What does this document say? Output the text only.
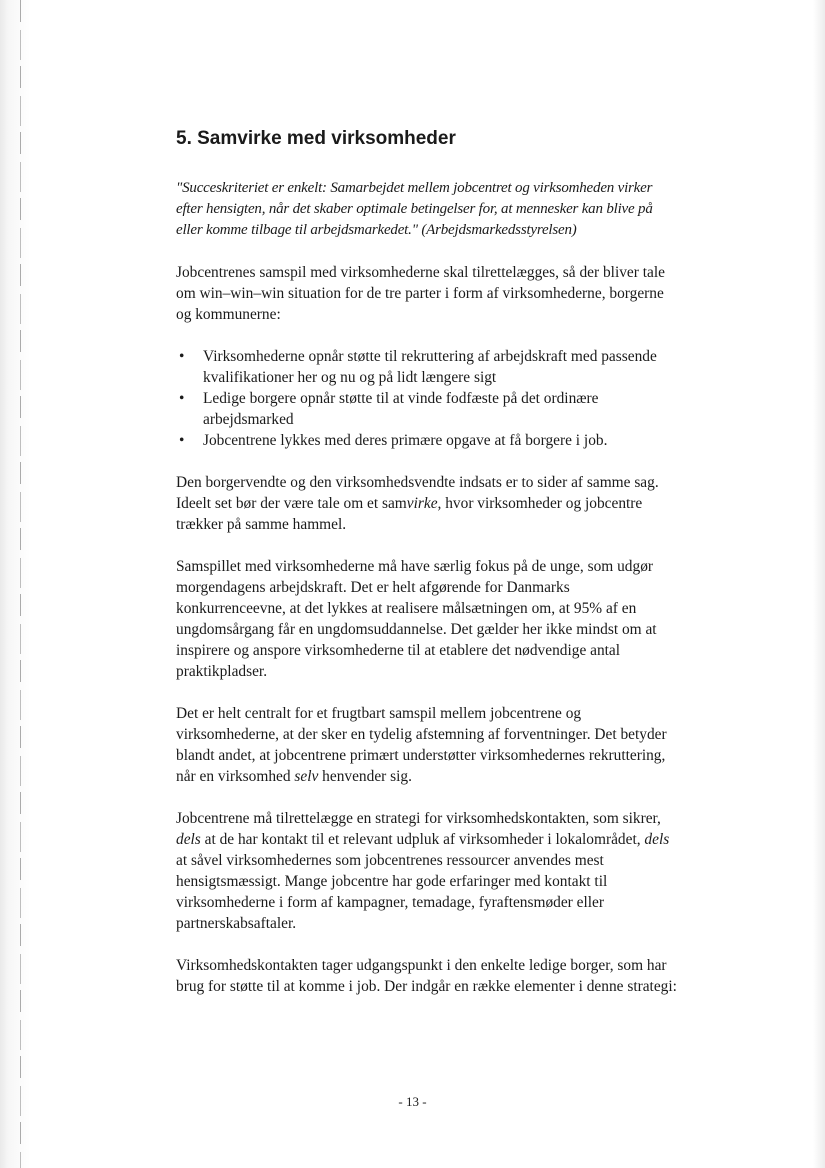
5. Samvirke med virksomheder
"Succeskriteriet er enkelt: Samarbejdet mellem jobcentret og virksomheden virker efter hensigten, når det skaber optimale betingelser for, at mennesker kan blive på eller komme tilbage til arbejdsmarkedet." (Arbejdsmarkedsstyrelsen)

Jobcentrenes samspil med virksomhederne skal tilrettelægges, så der bliver tale om win–win–win situation for de tre parter i form af virksomhederne, borgerne og kommunerne:

• Virksomhederne opnår støtte til rekruttering af arbejdskraft med passende kvalifikationer her og nu og på lidt længere sigt
• Ledige borgere opnår støtte til at vinde fodfæste på det ordinære arbejdsmarked
• Jobcentrene lykkes med deres primære opgave at få borgere i job.

Den borgervendte og den virksomhedsvendte indsats er to sider af samme sag. Ideelt set bør der være tale om et samvirke, hvor virksomheder og jobcentre trækker på samme hammel.

Samspillet med virksomhederne må have særlig fokus på de unge, som udgør morgendagens arbejdskraft. Det er helt afgørende for Danmarks konkurrenceevne, at det lykkes at realisere målsætningen om, at 95% af en ungdomsårgang får en ungdomsuddannelse. Det gælder her ikke mindst om at inspirere og anspore virksomhederne til at etablere det nødvendige antal praktikpladser.

Det er helt centralt for et frugtbart samspil mellem jobcentrene og virksomhederne, at der sker en tydelig afstemning af forventninger. Det betyder blandt andet, at jobcentrene primært understøtter virksomhedernes rekruttering, når en virksomhed selv henvender sig.

Jobcentrene må tilrettelægge en strategi for virksomhedskontakten, som sikrer, dels at de har kontakt til et relevant udpluk af virksomheder i lokalområdet, dels at såvel virksomhedernes som jobcentrenes ressourcer anvendes mest hensigtsmæssigt. Mange jobcentre har gode erfaringer med kontakt til virksomhederne i form af kampagner, temadage, fyraftensmøder eller partnerskabsaftaler.

Virksomhedskontakten tager udgangspunkt i den enkelte ledige borger, som har brug for støtte til at komme i job. Der indgår en række elementer i denne strategi:

- 13 -
